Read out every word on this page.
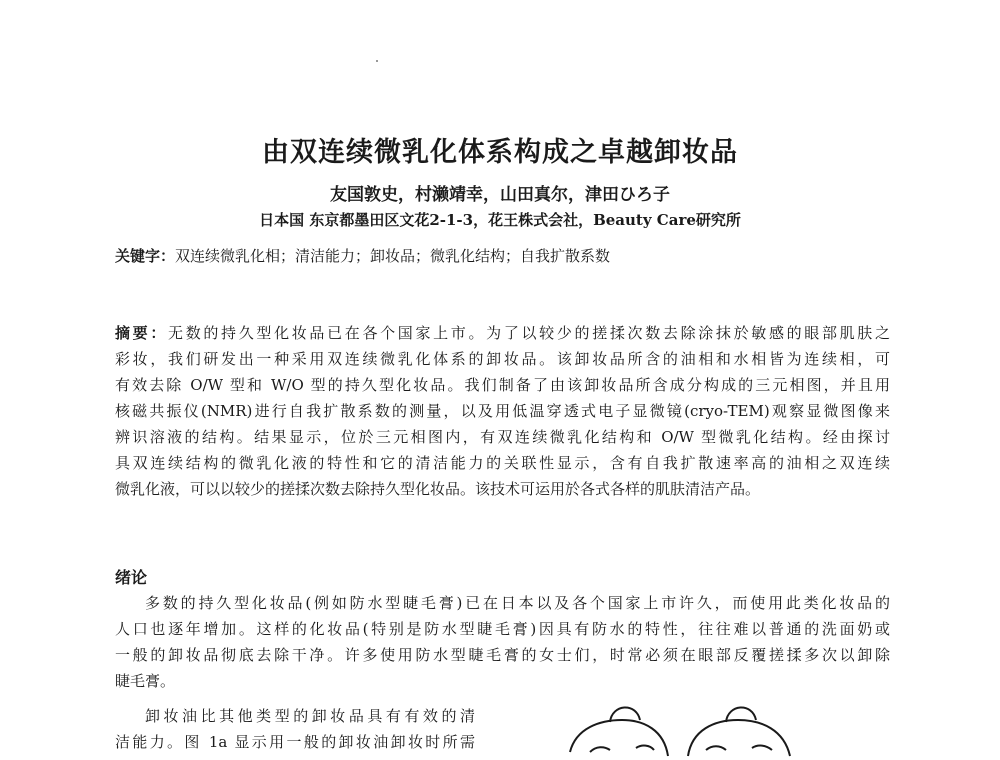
由双连续微乳化体系构成之卓越卸妆品
友国敦史，村濑靖幸，山田真尔，津田ひろ子
日本国 东京都墨田区文花2-1-3，花王株式会社，Beauty Care研究所
关键字：双连续微乳化相；清洁能力；卸妆品；微乳化结构；自我扩散系数
摘要：无数的持久型化妆品已在各个国家上市。为了以较少的搓揉次数去除涂抹於敏感的眼部肌肤之
彩妆，我们研发出一种采用双连续微乳化体系的卸妆品。该卸妆品所含的油相和水相皆为连续相，可
有效去除 O/W 型和 W/O 型的持久型化妆品。我们制备了由该卸妆品所含成分构成的三元相图，并且用
核磁共振仪(NMR)进行自我扩散系数的测量，以及用低温穿透式电子显微镜(cryo-TEM)观察显微图像来
辨识溶液的结构。结果显示，位於三元相图内，有双连续微乳化结构和 O/W 型微乳化结构。经由探讨
具双连续结构的微乳化液的特性和它的清洁能力的关联性显示，含有自我扩散速率高的油相之双连续
微乳化液，可以以较少的搓揉次数去除持久型化妆品。该技术可运用於各式各样的肌肤清洁产品。
绪论
多数的持久型化妆品(例如防水型睫毛膏)已在日本以及各个国家上市许久，而使用此类化妆品的
人口也逐年增加。这样的化妆品(特别是防水型睫毛膏)因具有防水的特性，往往难以普通的洗面奶或
一般的卸妆品彻底去除干净。许多使用防水型睫毛膏的女士们，时常必须在眼部反覆搓揉多次以卸除
睫毛膏。
卸妆油比其他类型的卸妆品具有有效的清
洁能力。图 1a 显示用一般的卸妆油卸妆时所需
